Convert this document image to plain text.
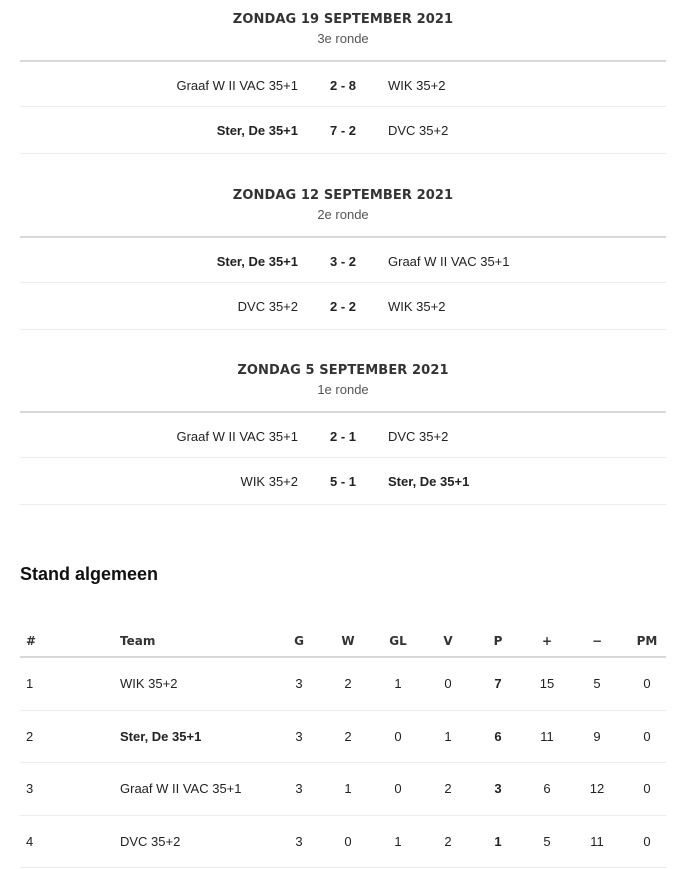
ZONDAG 19 SEPTEMBER 2021
3e ronde
Graaf W II VAC 35+1	2 - 8	WIK 35+2
Ster, De 35+1	7 - 2	DVC 35+2
ZONDAG 12 SEPTEMBER 2021
2e ronde
Ster, De 35+1	3 - 2	Graaf W II VAC 35+1
DVC 35+2	2 - 2	WIK 35+2
ZONDAG 5 SEPTEMBER 2021
1e ronde
Graaf W II VAC 35+1	2 - 1	DVC 35+2
WIK 35+2	5 - 1	Ster, De 35+1
Stand algemeen
#	Team	G	W	GL	V	P	+	−	PM
1	WIK 35+2	3	2	1	0	7	15	5	0
2	Ster, De 35+1	3	2	0	1	6	11	9	0
3	Graaf W II VAC 35+1	3	1	0	2	3	6	12	0
4	DVC 35+2	3	0	1	2	1	5	11	0
